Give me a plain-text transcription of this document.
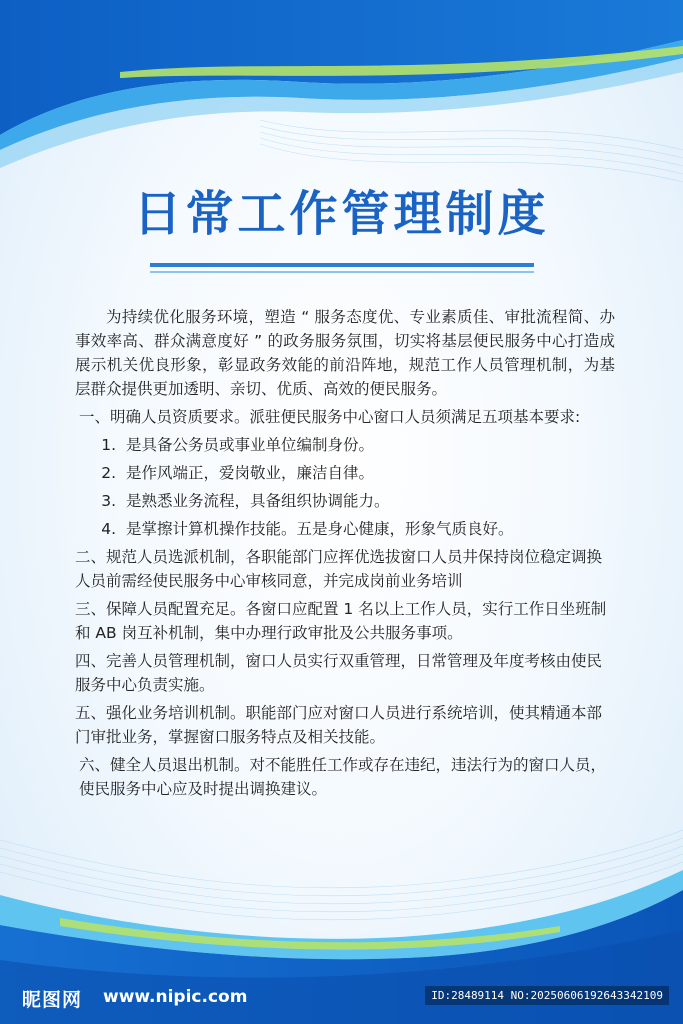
日常工作管理制度

为持续优化服务环境，塑造 “ 服务态度优、专业素质佳、审批流程简、办事效率高、群众满意度好 ” 的政务服务氛围，切实将基层便民服务中心打造成展示机关优良形象，彰显政务效能的前沿阵地，规范工作人员管理机制，为基层群众提供更加透明、亲切、优质、高效的便民服务。

一、明确人员资质要求。派驻便民服务中心窗口人员须满足五项基本要求:

1. 是具备公务员或事业单位编制身份。
2. 是作风端正，爱岗敬业，廉洁自律。
3. 是熟悉业务流程，具备组织协调能力。
4. 是掌擦计算机操作技能。五是身心健康，形象气质良好。

二、规范人员选派机制，各职能部门应挥优选拔窗口人员井保持岗位稳定调换人员前需经使民服务中心审核同意，并完成岗前业务培训

三、保障人员配置充足。各窗口应配置 1 名以上工作人员，实行工作日坐班制和 AB 岗互补机制，集中办理行政审批及公共服务事项。

四、完善人员管理机制，窗口人员实行双重管理，日常管理及年度考核由使民服务中心负责实施。

五、强化业务培训机制。职能部门应对窗口人员进行系统培训，使其精通本部门审批业务，掌握窗口服务特点及相关技能。

六、健全人员退出机制。对不能胜任工作或存在违纪，违法行为的窗口人员，使民服务中心应及时提出调换建议。

昵图网 www.nipic.com	ID:28489114 NO:20250606192643342109
